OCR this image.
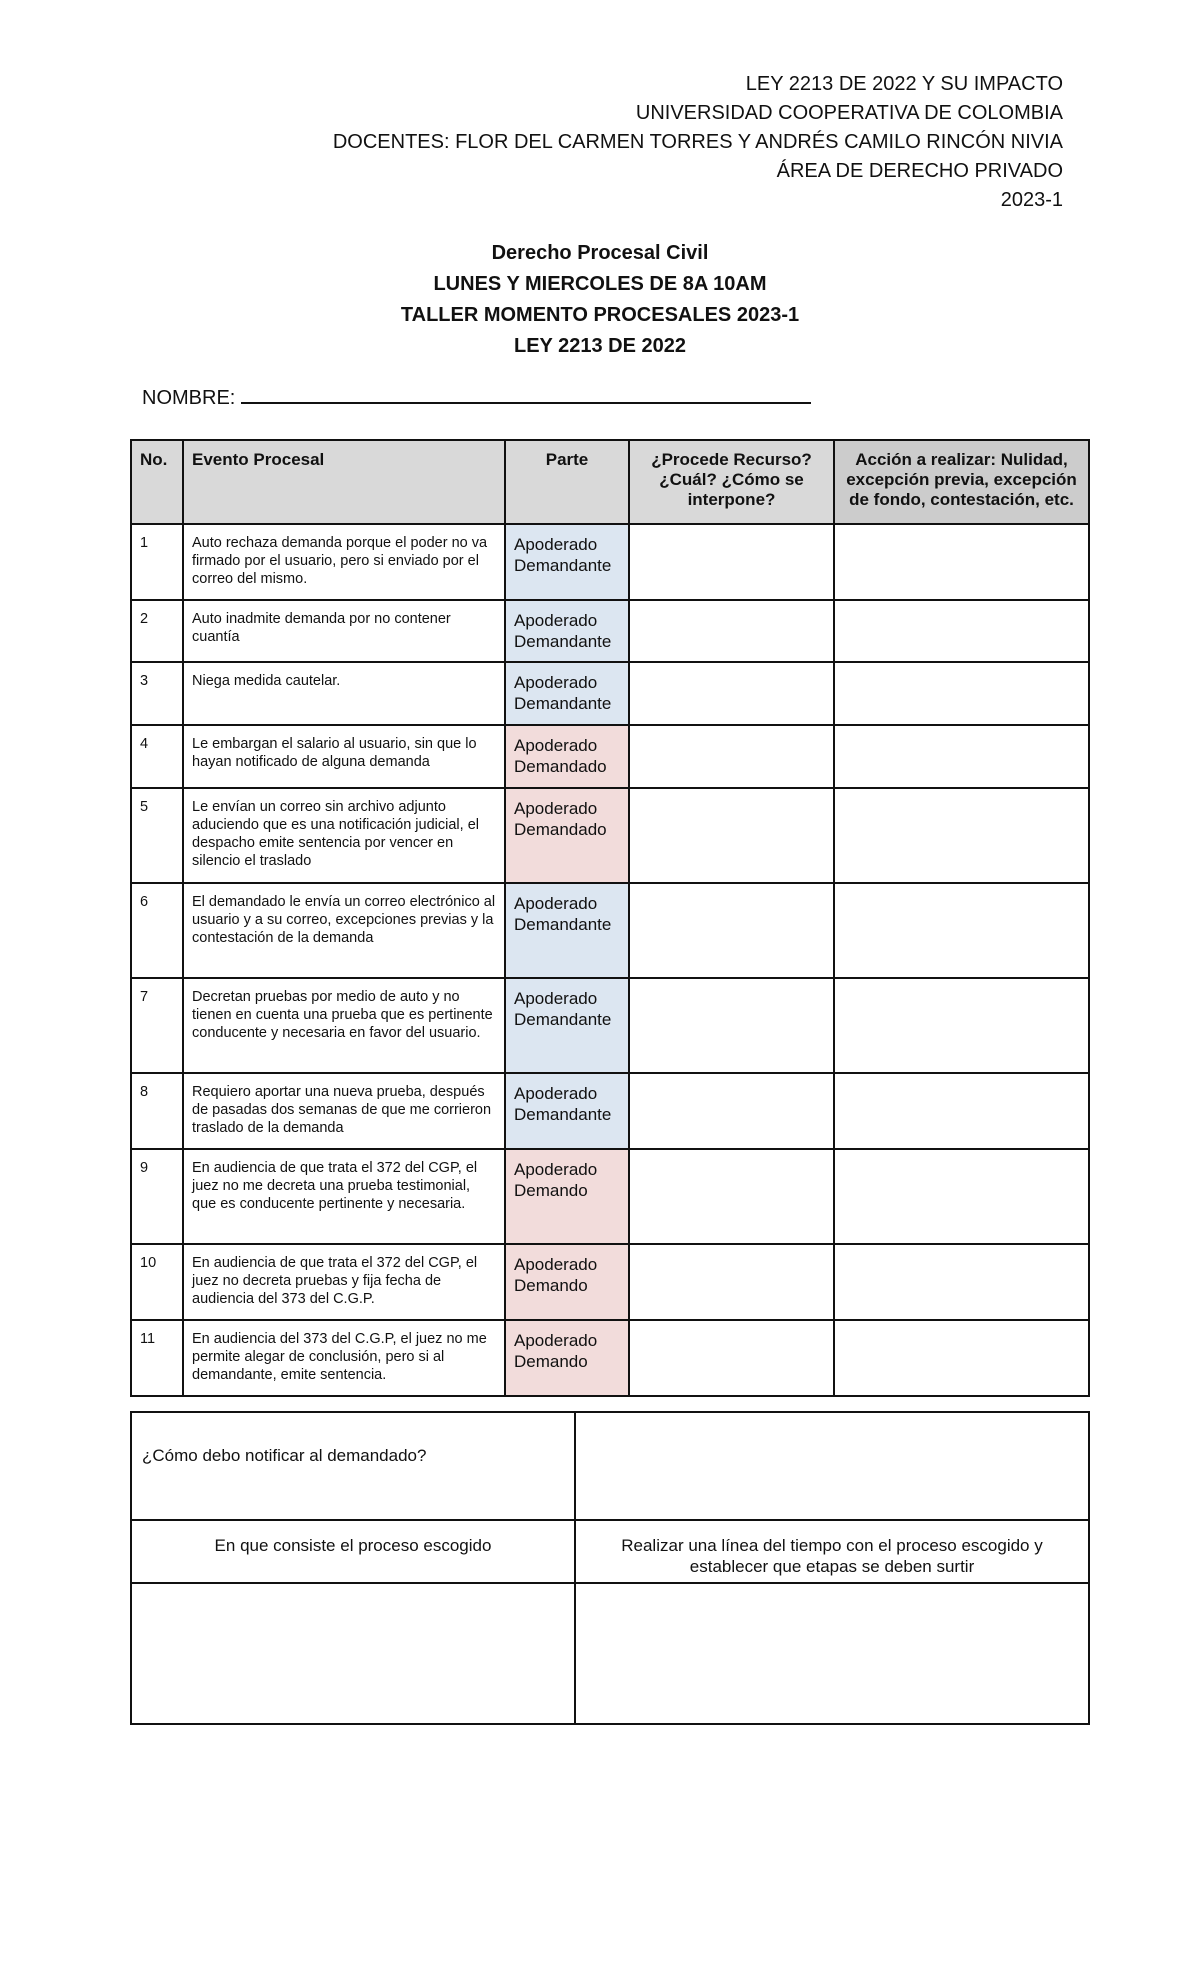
LEY 2213 DE 2022 Y SU IMPACTO
UNIVERSIDAD COOPERATIVA DE COLOMBIA
DOCENTES: FLOR DEL CARMEN TORRES Y ANDRÉS CAMILO RINCÓN NIVIA
ÁREA DE DERECHO PRIVADO
2023-1
Derecho Procesal Civil
LUNES Y MIERCOLES DE 8A 10AM
TALLER MOMENTO PROCESALES 2023-1
LEY 2213 DE 2022
NOMBRE:
No.	Evento Procesal	Parte	¿Procede Recurso? ¿Cuál? ¿Cómo se interpone?	Acción a realizar: Nulidad, excepción previa, excepción de fondo, contestación, etc.
1	Auto rechaza demanda porque el poder no va firmado por el usuario, pero si enviado por el correo del mismo.	Apoderado Demandante		
2	Auto inadmite demanda por no contener cuantía	Apoderado Demandante		
3	Niega medida cautelar.	Apoderado Demandante		
4	Le embargan el salario al usuario, sin que lo hayan notificado de alguna demanda	Apoderado Demandado		
5	Le envían un correo sin archivo adjunto aduciendo que es una notificación judicial, el despacho emite sentencia por vencer en silencio el traslado	Apoderado Demandado		
6	El demandado le envía un correo electrónico al usuario y a su correo, excepciones previas y la contestación de la demanda	Apoderado Demandante		
7	Decretan pruebas por medio de auto y no tienen en cuenta una prueba que es pertinente conducente y necesaria en favor del usuario.	Apoderado Demandante		
8	Requiero aportar una nueva prueba, después de pasadas dos semanas de que me corrieron traslado de la demanda	Apoderado Demandante		
9	En audiencia de que trata el 372 del CGP, el juez no me decreta una prueba testimonial, que es conducente pertinente y necesaria.	Apoderado Demando		
10	En audiencia de que trata el 372 del CGP, el juez no decreta pruebas y fija fecha de audiencia del 373 del C.G.P.	Apoderado Demando		
11	En audiencia del 373 del C.G.P, el juez no me permite alegar de conclusión, pero si al demandante, emite sentencia.	Apoderado Demando		
¿Cómo debo notificar al demandado?	
En que consiste el proceso escogido	Realizar una línea del tiempo con el proceso escogido y establecer que etapas se deben surtir
